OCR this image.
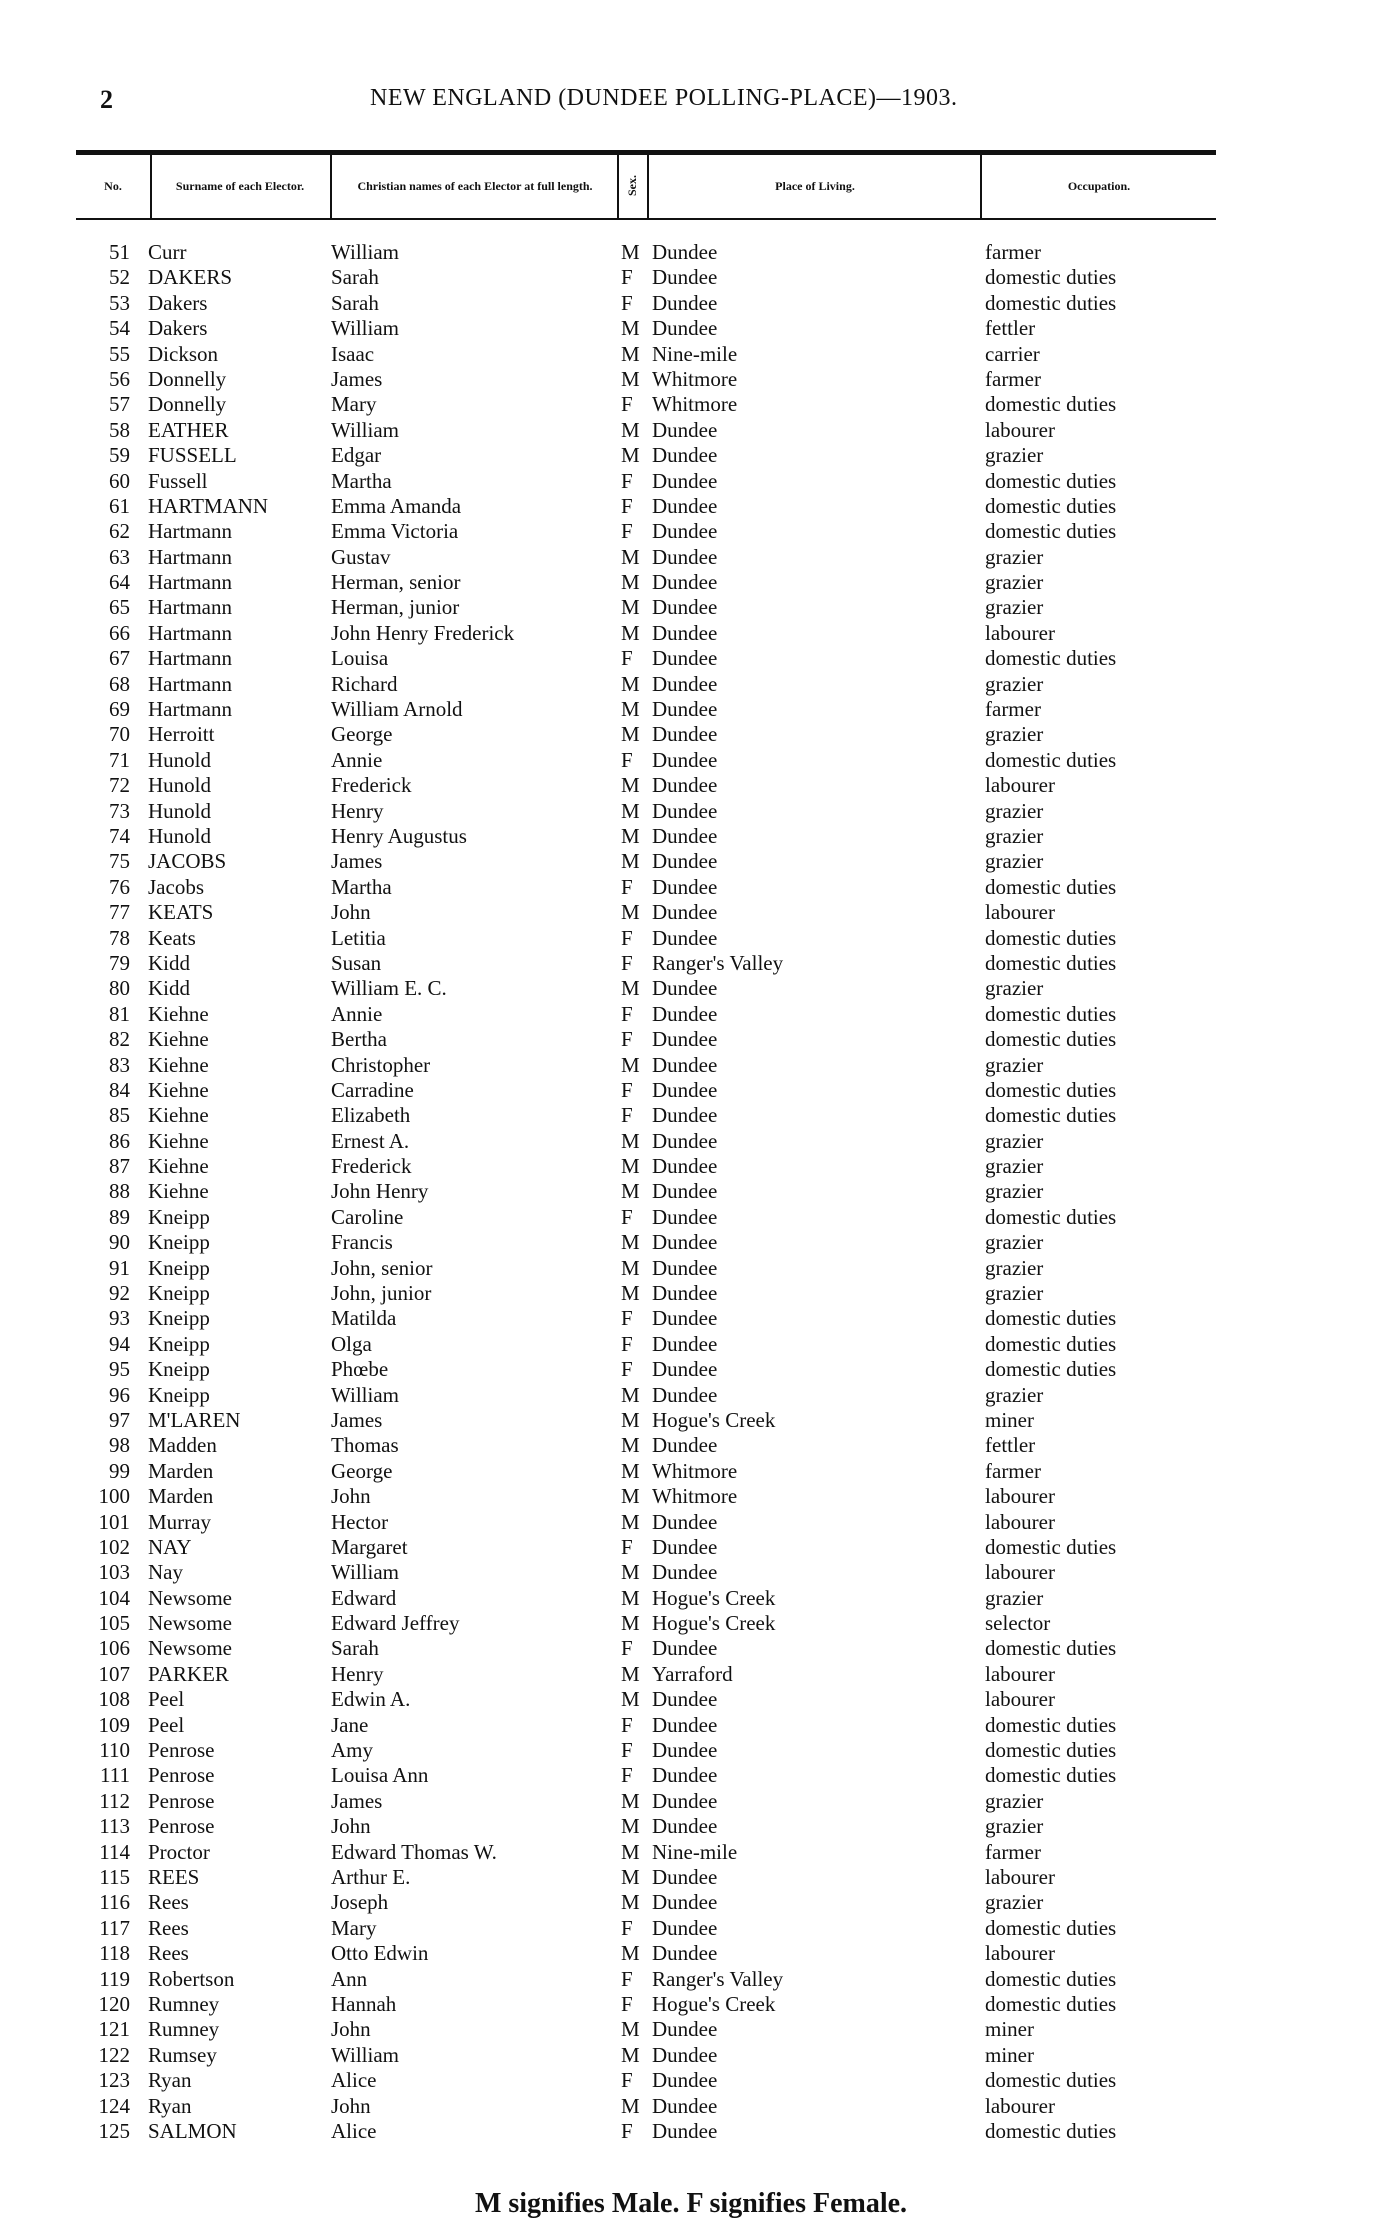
2	NEW ENGLAND (DUNDEE POLLING-PLACE)—1903.
No.	Surname of each Elector.	Christian names of each Elector at full length.	Sex.	Place of Living.	Occupation.
51 Curr	William	M Dundee	farmer
52 DAKERS	Sarah	F Dundee	domestic duties
53 Dakers	Sarah	F Dundee	domestic duties
54 Dakers	William	M Dundee	fettler
55 Dickson	Isaac	M Nine-mile	carrier
56 Donnelly	James	M Whitmore	farmer
57 Donnelly	Mary	F Whitmore	domestic duties
58 EATHER	William	M Dundee	labourer
59 FUSSELL	Edgar	M Dundee	grazier
60 Fussell	Martha	F Dundee	domestic duties
61 HARTMANN	Emma Amanda	F Dundee	domestic duties
62 Hartmann	Emma Victoria	F Dundee	domestic duties
63 Hartmann	Gustav	M Dundee	grazier
64 Hartmann	Herman, senior	M Dundee	grazier
65 Hartmann	Herman, junior	M Dundee	grazier
66 Hartmann	John Henry Frederick	M Dundee	labourer
67 Hartmann	Louisa	F Dundee	domestic duties
68 Hartmann	Richard	M Dundee	grazier
69 Hartmann	William Arnold	M Dundee	farmer
70 Herroitt	George	M Dundee	grazier
71 Hunold	Annie	F Dundee	domestic duties
72 Hunold	Frederick	M Dundee	labourer
73 Hunold	Henry	M Dundee	grazier
74 Hunold	Henry Augustus	M Dundee	grazier
75 JACOBS	James	M Dundee	grazier
76 Jacobs	Martha	F Dundee	domestic duties
77 KEATS	John	M Dundee	labourer
78 Keats	Letitia	F Dundee	domestic duties
79 Kidd	Susan	F Ranger's Valley	domestic duties
80 Kidd	William E. C.	M Dundee	grazier
81 Kiehne	Annie	F Dundee	domestic duties
82 Kiehne	Bertha	F Dundee	domestic duties
83 Kiehne	Christopher	M Dundee	grazier
84 Kiehne	Carradine	F Dundee	domestic duties
85 Kiehne	Elizabeth	F Dundee	domestic duties
86 Kiehne	Ernest A.	M Dundee	grazier
87 Kiehne	Frederick	M Dundee	grazier
88 Kiehne	John Henry	M Dundee	grazier
89 Kneipp	Caroline	F Dundee	domestic duties
90 Kneipp	Francis	M Dundee	grazier
91 Kneipp	John, senior	M Dundee	grazier
92 Kneipp	John, junior	M Dundee	grazier
93 Kneipp	Matilda	F Dundee	domestic duties
94 Kneipp	Olga	F Dundee	domestic duties
95 Kneipp	Phœbe	F Dundee	domestic duties
96 Kneipp	William	M Dundee	grazier
97 M'LAREN	James	M Hogue's Creek	miner
98 Madden	Thomas	M Dundee	fettler
99 Marden	George	M Whitmore	farmer
100 Marden	John	M Whitmore	labourer
101 Murray	Hector	M Dundee	labourer
102 NAY	Margaret	F Dundee	domestic duties
103 Nay	William	M Dundee	labourer
104 Newsome	Edward	M Hogue's Creek	grazier
105 Newsome	Edward Jeffrey	M Hogue's Creek	selector
106 Newsome	Sarah	F Dundee	domestic duties
107 PARKER	Henry	M Yarraford	labourer
108 Peel	Edwin A.	M Dundee	labourer
109 Peel	Jane	F Dundee	domestic duties
110 Penrose	Amy	F Dundee	domestic duties
111 Penrose	Louisa Ann	F Dundee	domestic duties
112 Penrose	James	M Dundee	grazier
113 Penrose	John	M Dundee	grazier
114 Proctor	Edward Thomas W.	M Nine-mile	farmer
115 REES	Arthur E.	M Dundee	labourer
116 Rees	Joseph	M Dundee	grazier
117 Rees	Mary	F Dundee	domestic duties
118 Rees	Otto Edwin	M Dundee	labourer
119 Robertson	Ann	F Ranger's Valley	domestic duties
120 Rumney	Hannah	F Hogue's Creek	domestic duties
121 Rumney	John	M Dundee	miner
122 Rumsey	William	M Dundee	miner
123 Ryan	Alice	F Dundee	domestic duties
124 Ryan	John	M Dundee	labourer
125 SALMON	Alice	F Dundee	domestic duties
M signifies Male. F signifies Female.
